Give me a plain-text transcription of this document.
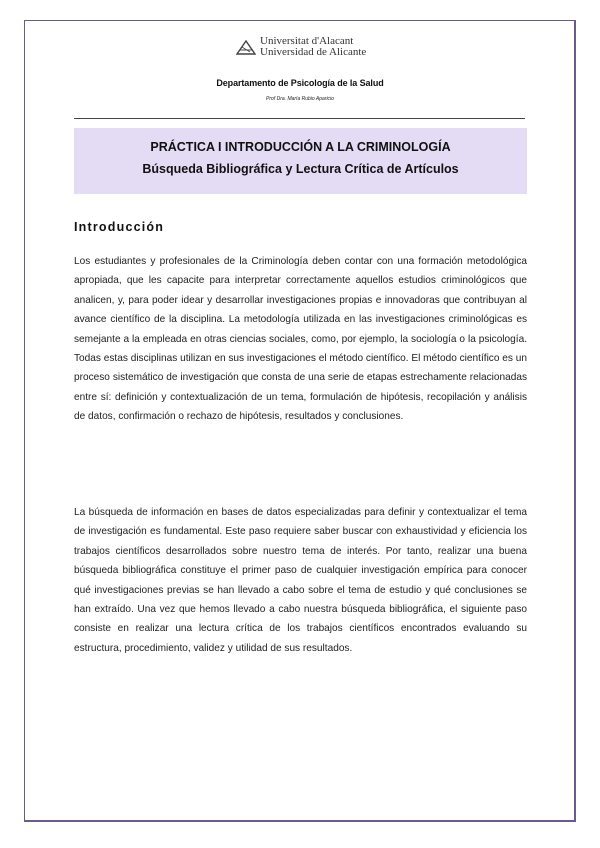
Universitat d'Alacant
Universidad de Alicante
Departamento de Psicología de la Salud
Prof Dra. María Rubio Aparicio
PRÁCTICA I INTRODUCCIÓN A LA CRIMINOLOGÍA
Búsqueda Bibliográfica y Lectura Crítica de Artículos
Introducción

Los estudiantes y profesionales de la Criminología deben contar con una formación metodológica apropiada, que les capacite para interpretar correctamente aquellos estudios criminológicos que analicen, y, para poder idear y desarrollar investigaciones propias e innovadoras que contribuyan al avance científico de la disciplina. La metodología utilizada en las investigaciones criminológicas es semejante a la empleada en otras ciencias sociales, como, por ejemplo, la sociología o la psicología. Todas estas disciplinas utilizan en sus investigaciones el método científico. El método científico es un proceso sistemático de investigación que consta de una serie de etapas estrechamente relacionadas entre sí: definición y contextualización de un tema, formulación de hipótesis, recopilación y análisis de datos, confirmación o rechazo de hipótesis, resultados y conclusiones.

La búsqueda de información en bases de datos especializadas para definir y contextualizar el tema de investigación es fundamental. Este paso requiere saber buscar con exhaustividad y eficiencia los trabajos científicos desarrollados sobre nuestro tema de interés. Por tanto, realizar una buena búsqueda bibliográfica constituye el primer paso de cualquier investigación empírica para conocer qué investigaciones previas se han llevado a cabo sobre el tema de estudio y qué conclusiones se han extraído. Una vez que hemos llevado a cabo nuestra búsqueda bibliográfica, el siguiente paso consiste en realizar una lectura crítica de los trabajos científicos encontrados evaluando su estructura, procedimiento, validez y utilidad de sus resultados.
